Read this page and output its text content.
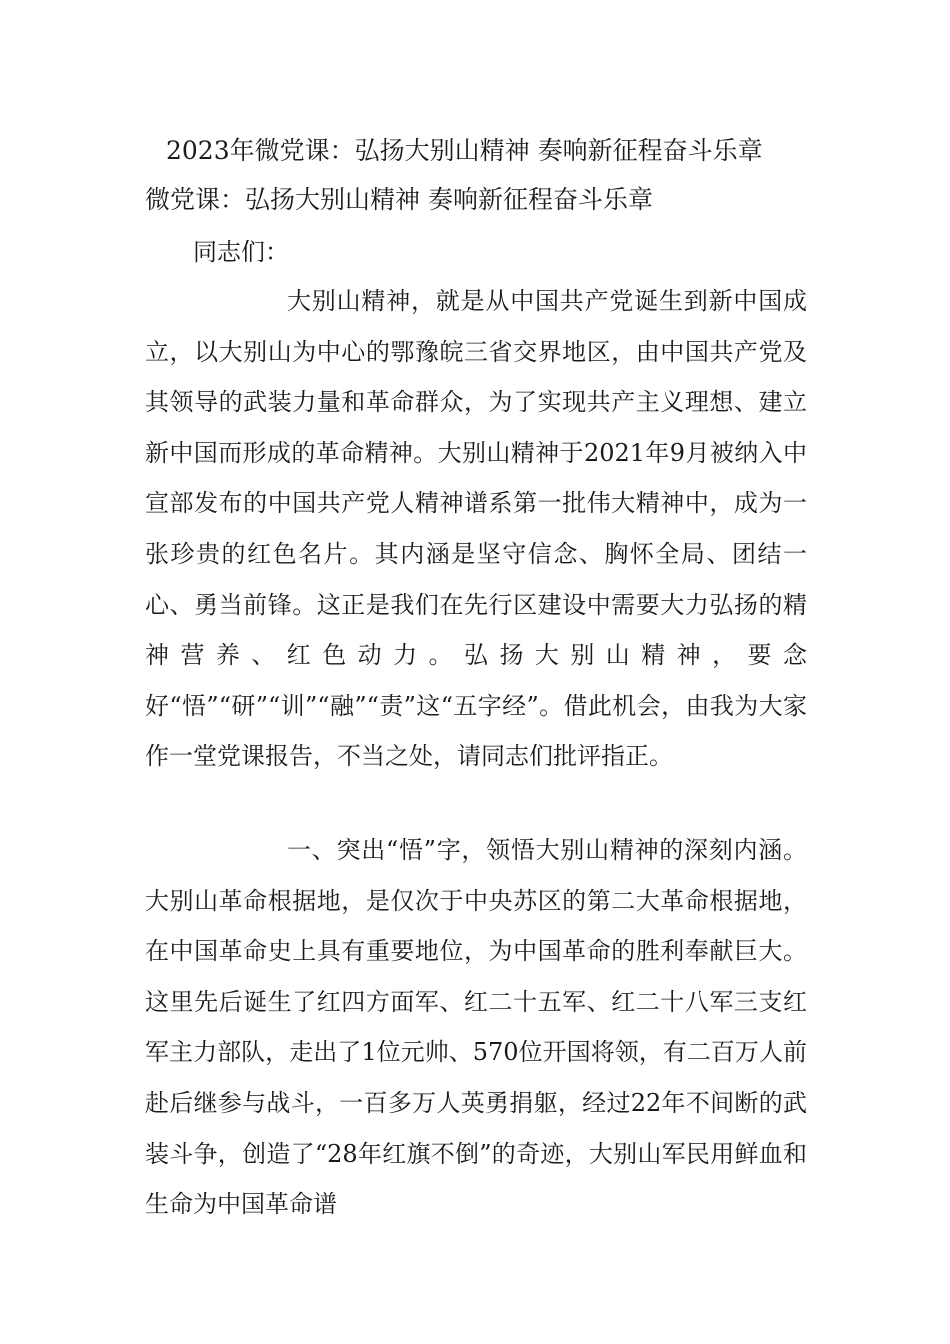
2023年微党课：弘扬大别山精神 奏响新征程奋斗乐章
微党课：弘扬大别山精神 奏响新征程奋斗乐章

同志们：

大别山精神，就是从中国共产党诞生到新中国成立，以大别山为中心的鄂豫皖三省交界地区，由中国共产党及其领导的武装力量和革命群众，为了实现共产主义理想、建立新中国而形成的革命精神。大别山精神于2021年9月被纳入中宣部发布的中国共产党人精神谱系第一批伟大精神中，成为一张珍贵的红色名片。其内涵是坚守信念、胸怀全局、团结一心、勇当前锋。这正是我们在先行区建设中需要大力弘扬的精神营养、红色动力。弘扬大别山精神，要念好“悟”“研”“训”“融”“责”这“五字经”。借此机会，由我为大家作一堂党课报告，不当之处，请同志们批评指正。

一、突出“悟”字，领悟大别山精神的深刻内涵。大别山革命根据地，是仅次于中央苏区的第二大革命根据地，在中国革命史上具有重要地位，为中国革命的胜利奉献巨大。这里先后诞生了红四方面军、红二十五军、红二十八军三支红军主力部队，走出了1位元帅、570位开国将领，有二百万人前赴后继参与战斗，一百多万人英勇捐躯，经过22年不间断的武装斗争，创造了“28年红旗不倒”的奇迹，大别山军民用鲜血和生命为中国革命谱
